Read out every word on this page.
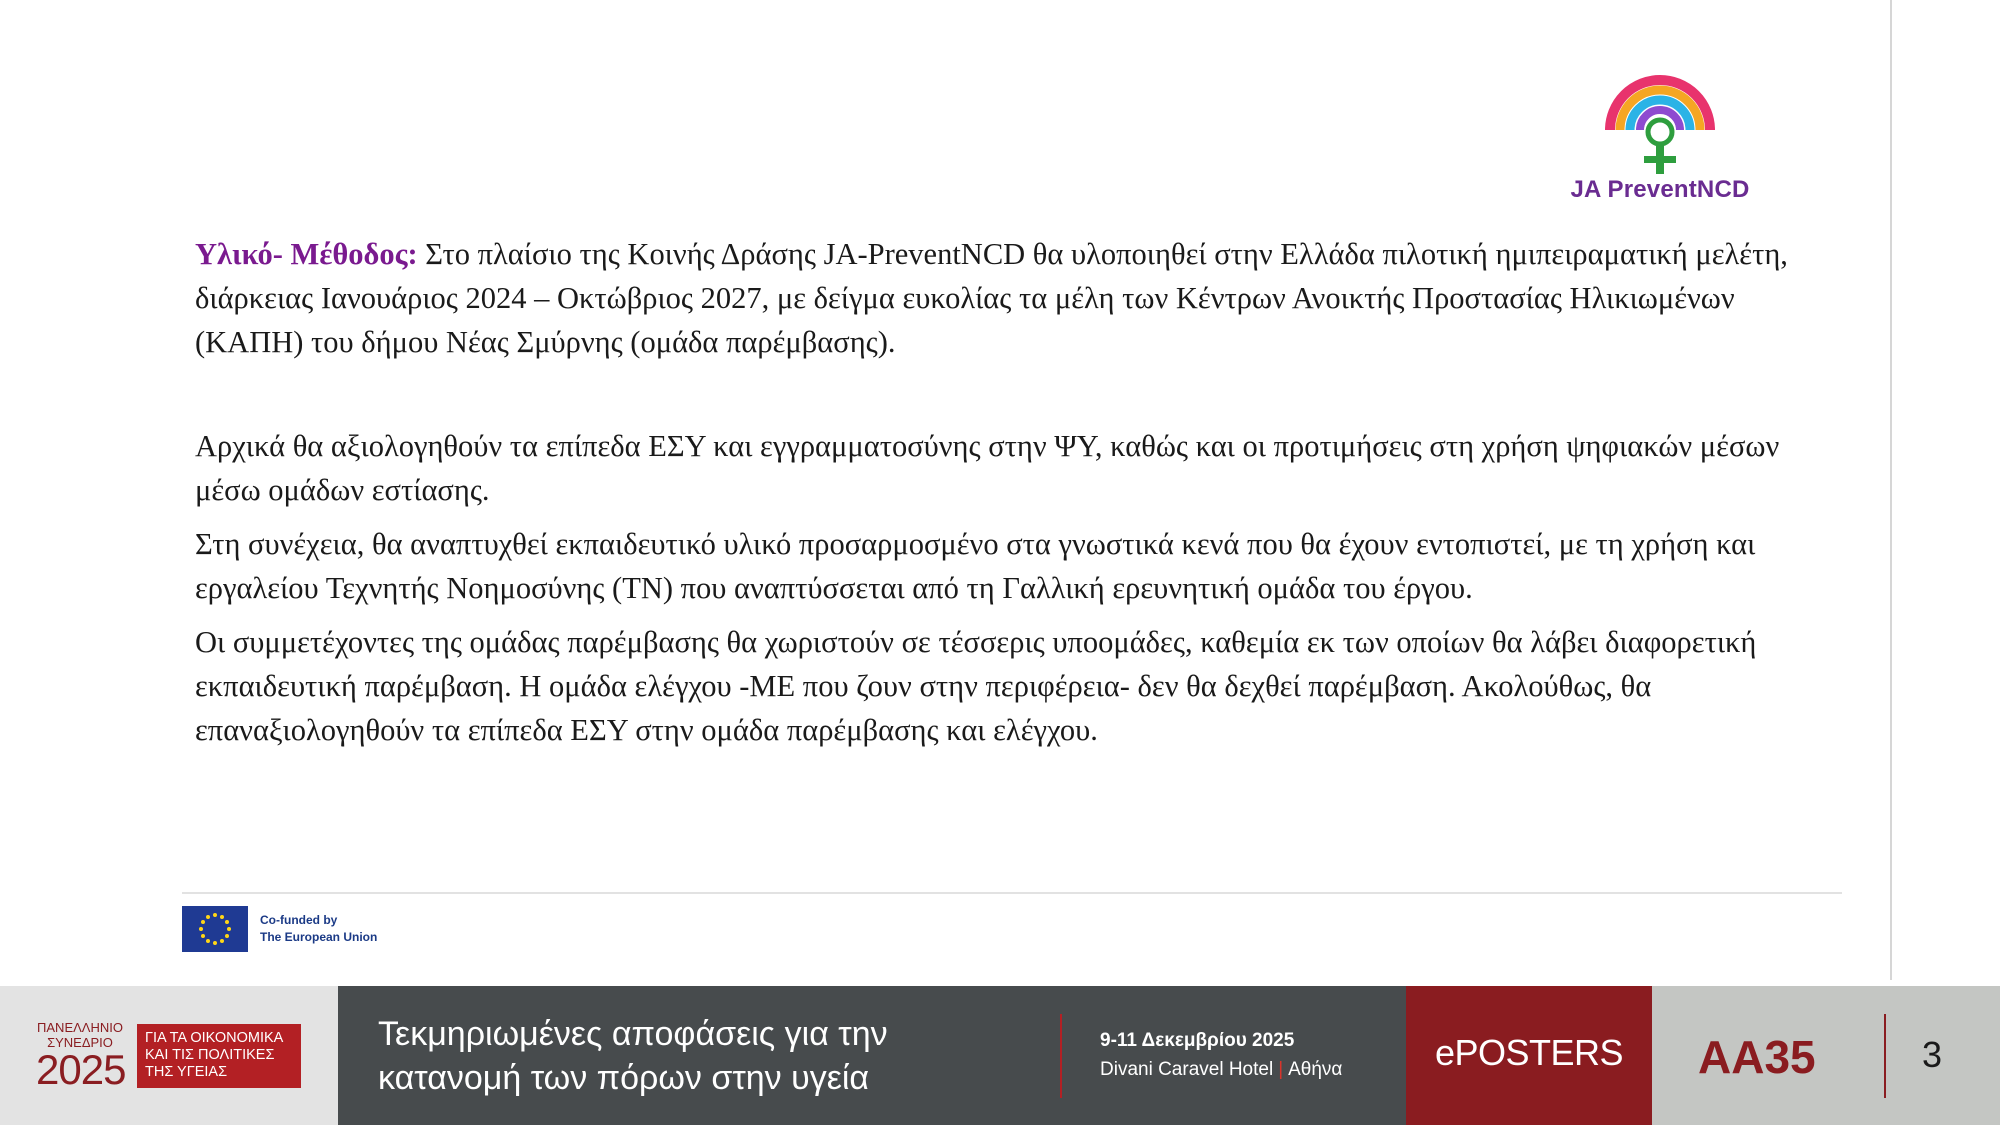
JA PreventNCD

Υλικό- Μέθοδος: Στο πλαίσιο της Κοινής Δράσης JA-PreventNCD θα υλοποιηθεί στην Ελλάδα πιλοτική ημιπειραματική μελέτη, διάρκειας Ιανουάριος 2024 – Οκτώβριος 2027, με δείγμα ευκολίας τα μέλη των Κέντρων Ανοικτής Προστασίας Ηλικιωμένων (ΚΑΠΗ) του δήμου Νέας Σμύρνης (ομάδα παρέμβασης).

Αρχικά θα αξιολογηθούν τα επίπεδα ΕΣΥ και εγγραμματοσύνης στην ΨΥ, καθώς και οι προτιμήσεις στη χρήση ψηφιακών μέσων μέσω ομάδων εστίασης.

Στη συνέχεια, θα αναπτυχθεί εκπαιδευτικό υλικό προσαρμοσμένο στα γνωστικά κενά που θα έχουν εντοπιστεί, με τη χρήση και εργαλείου Τεχνητής Νοημοσύνης (ΤΝ) που αναπτύσσεται από τη Γαλλική ερευνητική ομάδα του έργου.

Οι συμμετέχοντες της ομάδας παρέμβασης θα χωριστούν σε τέσσερις υποομάδες, καθεμία εκ των οποίων θα λάβει διαφορετική εκπαιδευτική παρέμβαση. Η ομάδα ελέγχου -ΜΕ που ζουν στην περιφέρεια- δεν θα δεχθεί παρέμβαση. Ακολούθως, θα επαναξιολογηθούν τα επίπεδα ΕΣΥ στην ομάδα παρέμβασης και ελέγχου.

Co-funded by
The European Union
ΠΑΝΕΛΛΗΝΙΟ ΣΥΝΕΔΡΙΟ
2025
ΓΙΑ ΤΑ ΟΙΚΟΝΟΜΙΚΑ ΚΑΙ ΤΙΣ ΠΟΛΙΤΙΚΕΣ ΤΗΣ ΥΓΕΙΑΣ
Τεκμηριωμένες αποφάσεις για την κατανομή των πόρων στην υγεία
9-11 Δεκεμβρίου 2025
Divani Caravel Hotel | Αθήνα	ePOSTERS	AA35	3
